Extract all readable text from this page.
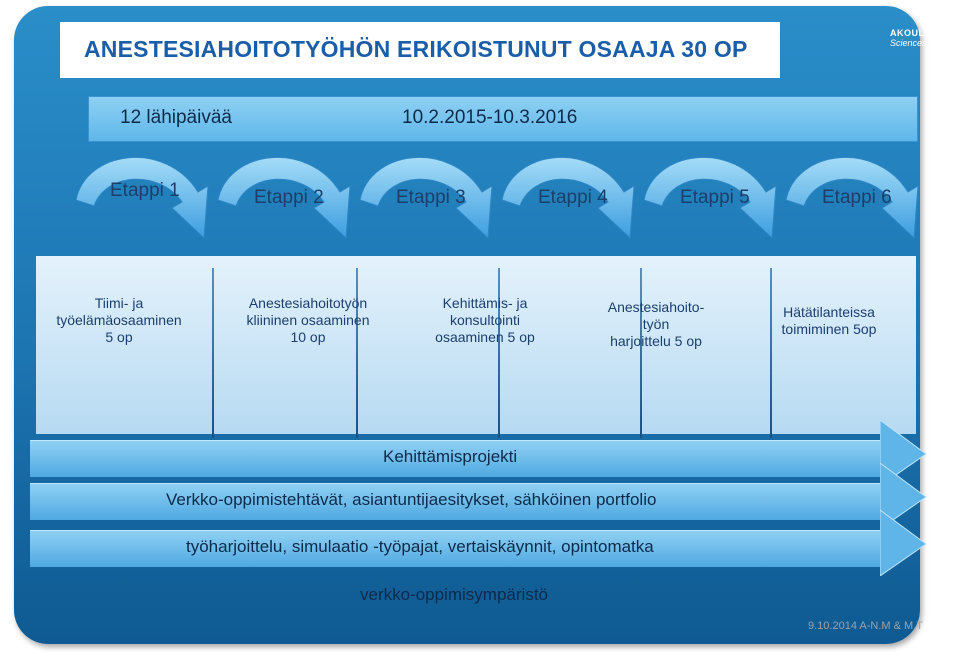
ANESTESIAHOITOTYÖHÖN ERIKOISTUNUT OSAAJA 30 OP
AKOULU
Sciences
12 lähipäivää	10.2.2015-10.3.2016
Etappi 1	Etappi 2	Etappi 3	Etappi 4	Etappi 5	Etappi 6
Tiimi- ja
työelämäosaaminen
5 op
Anestesiahoitotyön
kliininen osaaminen
10 op
Kehittämis- ja
konsultointi
osaaminen 5 op
Anestesiahoito-
työn
harjoittelu 5 op
Hätätilanteissa
toimiminen 5op
Kehittämisprojekti
Verkko-oppimistehtävät, asiantuntijaesitykset, sähköinen portfolio
työharjoittelu, simulaatio -työpajat, vertaiskäynnit, opintomatka
verkko-oppimisympäristö
9.10.2014 A-N.M & M.T
